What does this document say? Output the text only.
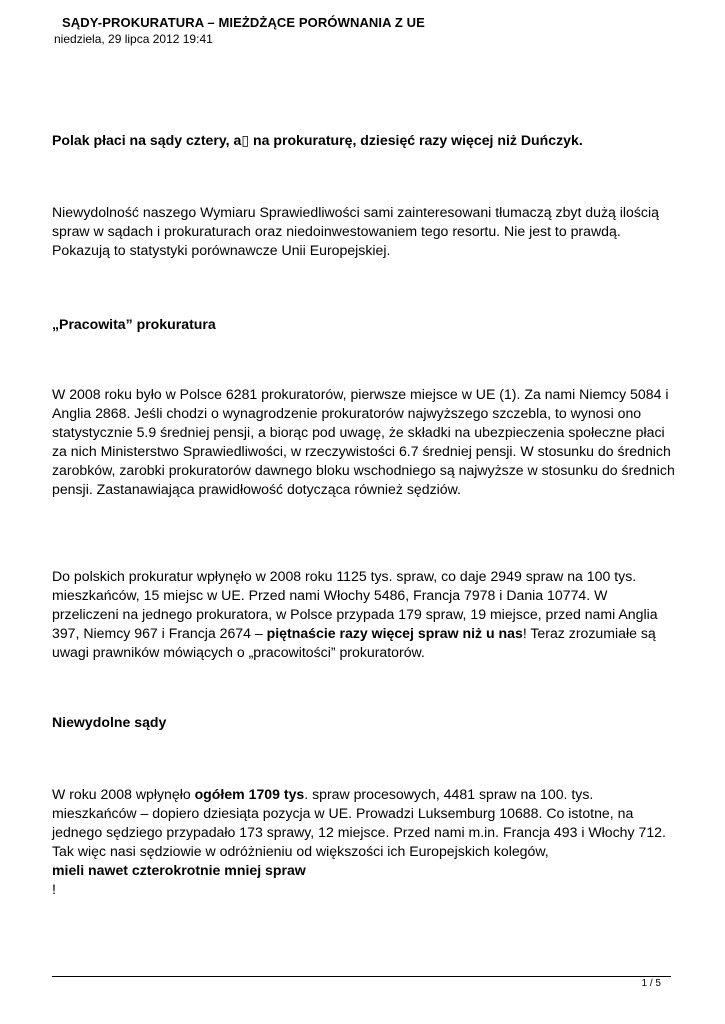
SĄDY-PROKURATURA – MIEŻDŻĄCE PORÓWNANIA Z UE
niedziela, 29 lipca 2012 19:41
Polak płaci na sądy cztery, a▯ na prokuraturę, dziesięć razy więcej niż Duńczyk.
Niewydolność naszego Wymiaru Sprawiedliwości sami zainteresowani tłumaczą zbyt dużą ilością spraw w sądach i prokuraturach oraz niedoinwestowaniem tego resortu. Nie jest to prawdą. Pokazują to statystyki porównawcze Unii Europejskiej.
„Pracowita” prokuratura
W 2008 roku było w Polsce 6281 prokuratorów, pierwsze miejsce w UE (1). Za nami Niemcy 5084 i Anglia 2868. Jeśli chodzi o wynagrodzenie prokuratorów najwyższego szczebla, to wynosi ono statystycznie 5.9 średniej pensji, a biorąc pod uwagę, że składki na ubezpieczenia społeczne płaci za nich Ministerstwo Sprawiedliwości, w rzeczywistości 6.7 średniej pensji. W stosunku do średnich zarobków, zarobki prokuratorów dawnego bloku wschodniego są najwyższe w stosunku do średnich pensji. Zastanawiająca prawidłowość dotycząca również sędziów.
Do polskich prokuratur wpłynęło w 2008 roku 1125 tys. spraw, co daje 2949 spraw na 100 tys. mieszkańców, 15 miejsc w UE. Przed nami Włochy 5486, Francja 7978 i Dania 10774. W przeliczeni na jednego prokuratora, w Polsce przypada 179 spraw, 19 miejsce, przed nami Anglia 397, Niemcy 967 i Francja 2674 – piętnaście razy więcej spraw niż u nas! Teraz zrozumiałe są uwagi prawników mówiących o „pracowitości” prokuratorów.
Niewydolne sądy
W roku 2008 wpłynęło ogółem 1709 tys. spraw procesowych, 4481 spraw na 100. tys. mieszkańców – dopiero dziesiąta pozycja w UE. Prowadzi Luksemburg 10688. Co istotne, na jednego sędziego przypadało 173 sprawy, 12 miejsce. Przed nami m.in. Francja 493 i Włochy 712. Tak więc nasi sędziowie w odróżnieniu od większości ich Europejskich kolegów,
mieli nawet czterokrotnie mniej spraw
!
1 / 5
